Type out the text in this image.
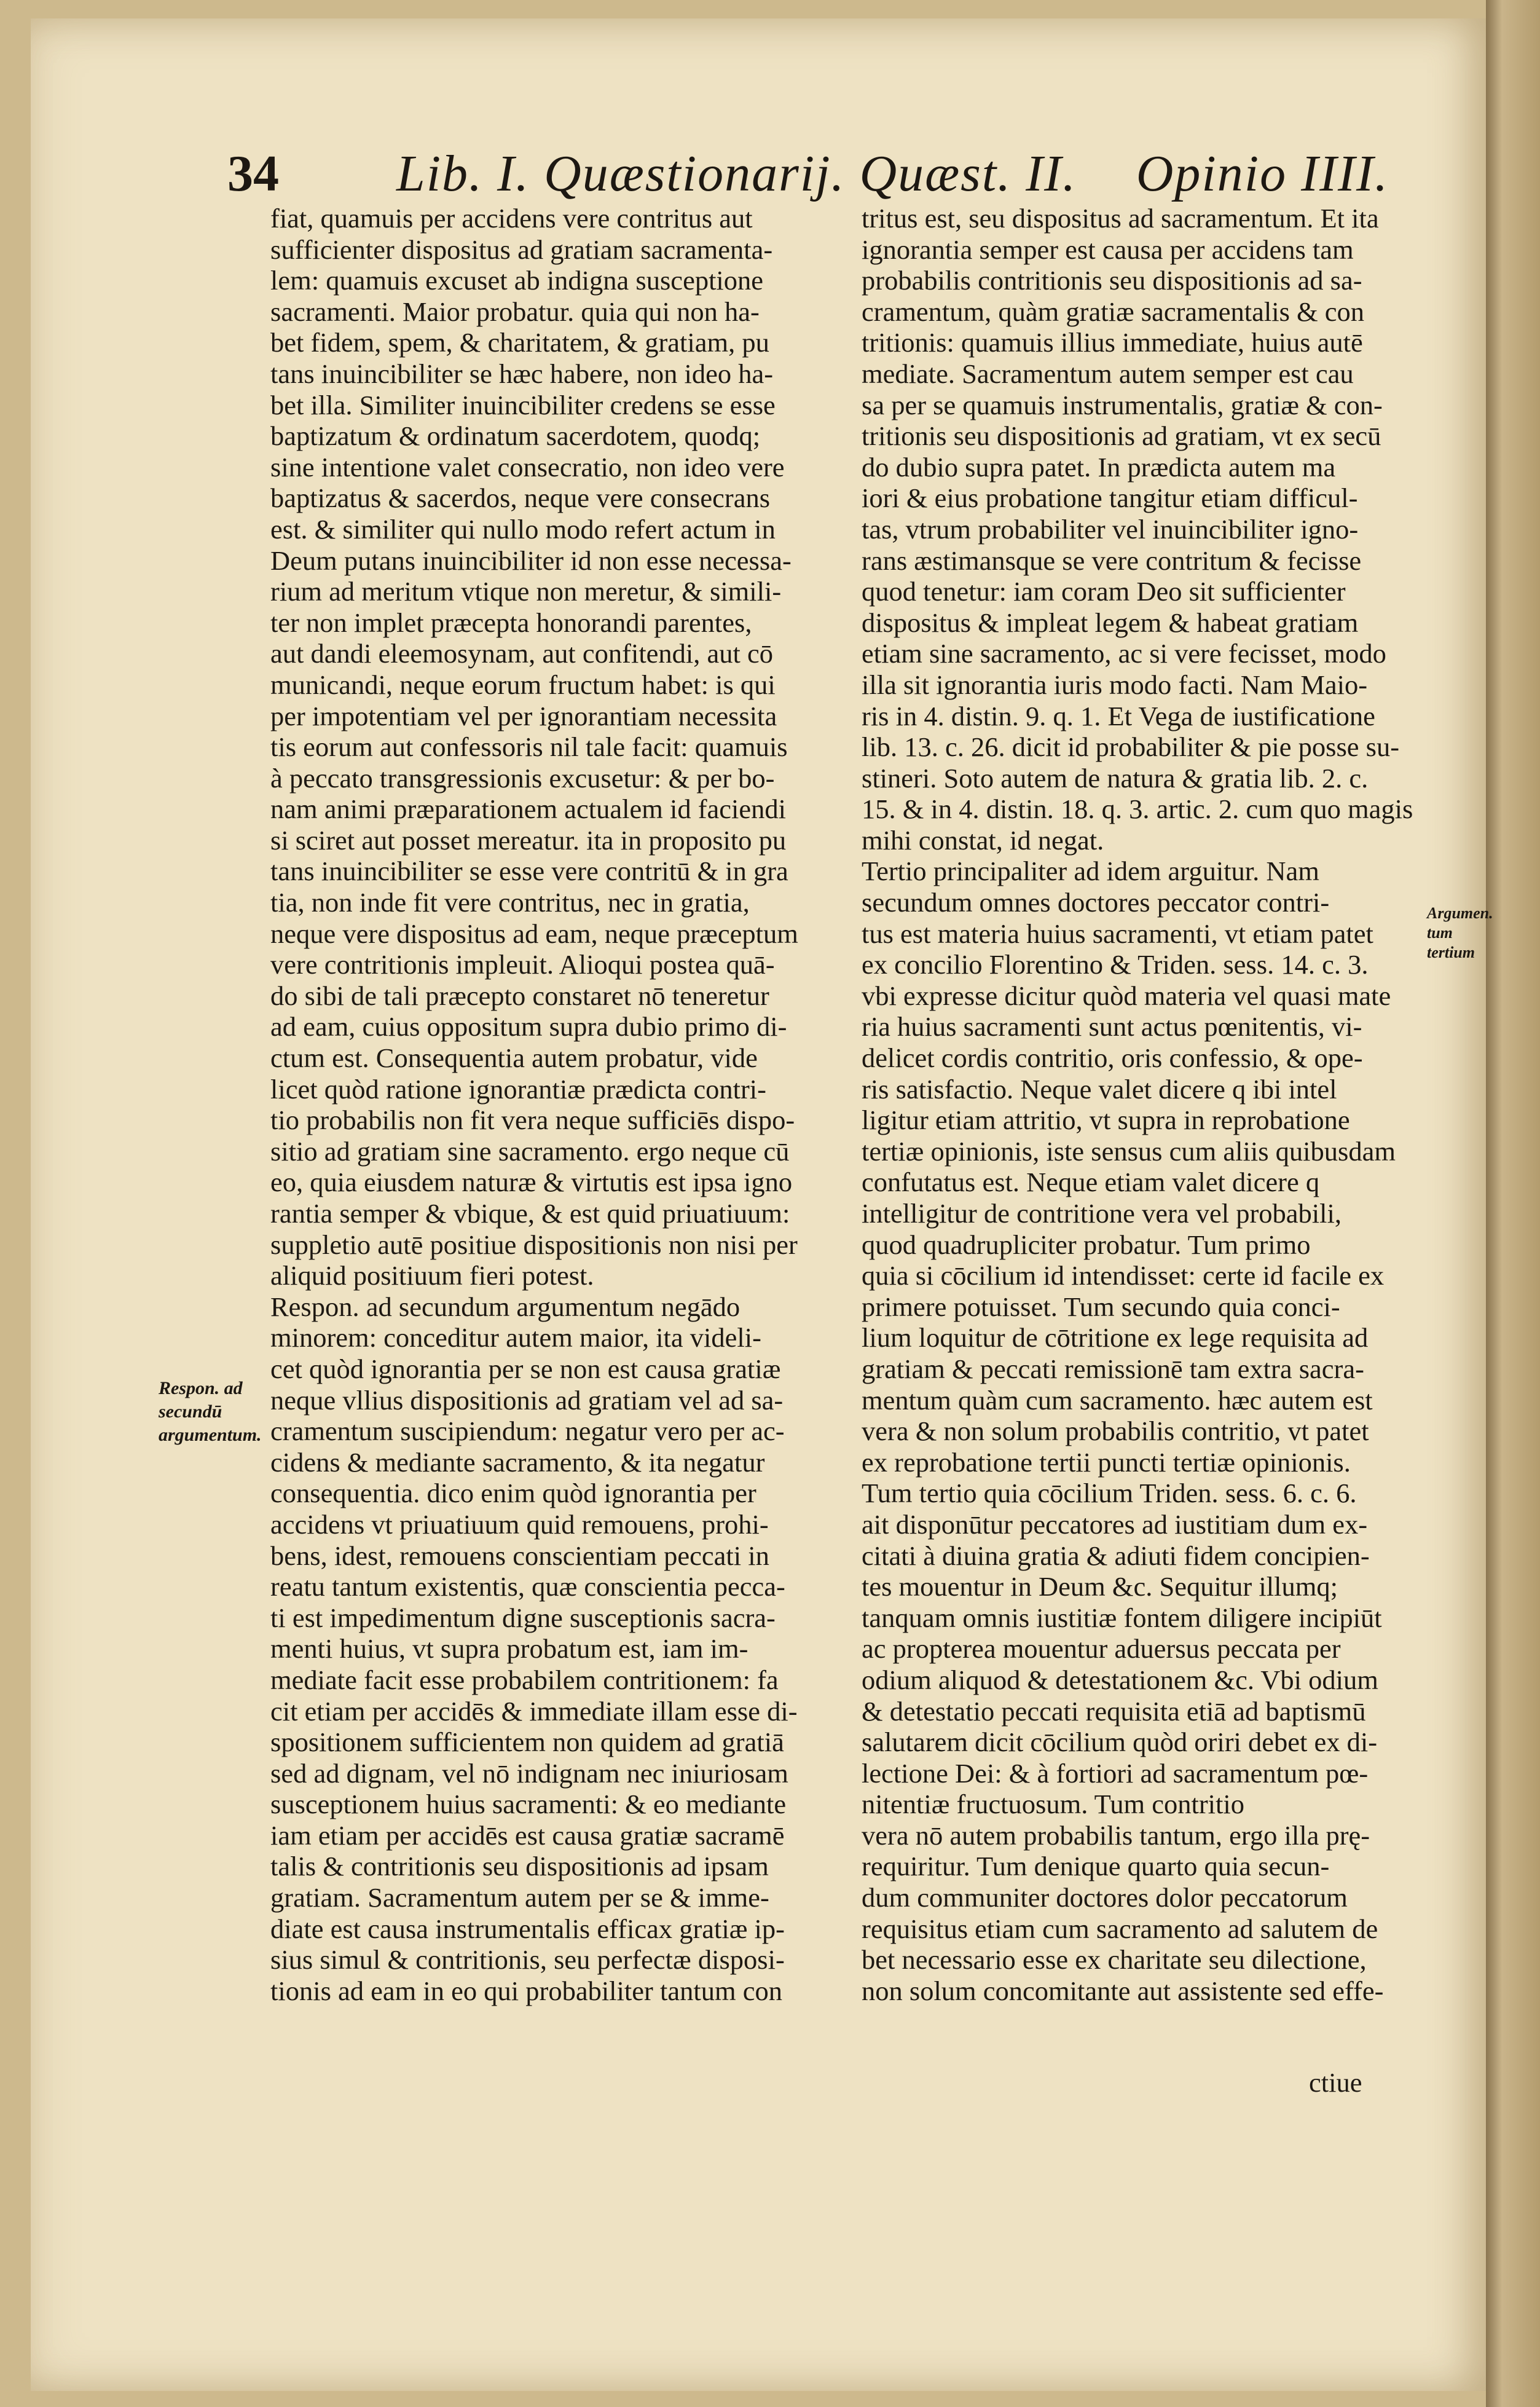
34 Lib. I. Quæstionarij. Quæst. II. Opinio IIII.
fiat, quamuis per accidens vere contritus aut
sufficienter dispositus ad gratiam sacramenta-
lem: quamuis excuset ab indigna susceptione
sacramenti. Maior probatur. quia qui non ha-
bet fidem, spem, & charitatem, & gratiam, pu
tans inuincibiliter se hæc habere, non ideo ha-
bet illa. Similiter inuincibiliter credens se esse
baptizatum & ordinatum sacerdotem, quodq;
sine intentione valet consecratio, non ideo vere
baptizatus & sacerdos, neque vere consecrans
est. & similiter qui nullo modo refert actum in
Deum putans inuincibiliter id non esse necessa-
rium ad meritum vtique non meretur, & simili-
ter non implet præcepta honorandi parentes,
aut dandi eleemosynam, aut confitendi, aut cō
municandi, neque eorum fructum habet: is qui
per impotentiam vel per ignorantiam necessita
tis eorum aut confessoris nil tale facit: quamuis
à peccato transgressionis excusetur: & per bo-
nam animi præparationem actualem id faciendi
si sciret aut posset mereatur. ita in proposito pu
tans inuincibiliter se esse vere contritū & in gra
tia, non inde fit vere contritus, nec in gratia,
neque vere dispositus ad eam, neque præceptum
vere contritionis impleuit. Alioqui postea quā-
do sibi de tali præcepto constaret nō teneretur
ad eam, cuius oppositum supra dubio primo di-
ctum est. Consequentia autem probatur, vide
licet quòd ratione ignorantiæ prædicta contri-
tio probabilis non fit vera neque sufficiēs dispo-
sitio ad gratiam sine sacramento. ergo neque cū
eo, quia eiusdem naturæ & virtutis est ipsa igno
rantia semper & vbique, & est quid priuatiuum:
suppletio autē positiue dispositionis non nisi per
aliquid positiuum fieri potest.
Respon. ad secundum argumentum negādo
minorem: conceditur autem maior, ita videli-
cet quòd ignorantia per se non est causa gratiæ
neque vllius dispositionis ad gratiam vel ad sa-
cramentum suscipiendum: negatur vero per ac-
cidens & mediante sacramento, & ita negatur
consequentia. dico enim quòd ignorantia per
accidens vt priuatiuum quid remouens, prohi-
bens, idest, remouens conscientiam peccati in
reatu tantum existentis, quæ conscientia pecca-
ti est impedimentum digne susceptionis sacra-
menti huius, vt supra probatum est, iam im-
mediate facit esse probabilem contritionem: fa
cit etiam per accidēs & immediate illam esse di-
spositionem sufficientem non quidem ad gratiā
sed ad dignam, vel nō indignam nec iniuriosam
susceptionem huius sacramenti: & eo mediante
iam etiam per accidēs est causa gratiæ sacramē
talis & contritionis seu dispositionis ad ipsam
gratiam. Sacramentum autem per se & imme-
diate est causa instrumentalis efficax gratiæ ip-
sius simul & contritionis, seu perfectæ disposi-
tionis ad eam in eo qui probabiliter tantum con
tritus est, seu dispositus ad sacramentum. Et ita
ignorantia semper est causa per accidens tam
probabilis contritionis seu dispositionis ad sa-
cramentum, quàm gratiæ sacramentalis & con
tritionis: quamuis illius immediate, huius autē
mediate. Sacramentum autem semper est cau
sa per se quamuis instrumentalis, gratiæ & con-
tritionis seu dispositionis ad gratiam, vt ex secū
do dubio supra patet. In prædicta autem ma
iori & eius probatione tangitur etiam difficul-
tas, vtrum probabiliter vel inuincibiliter igno-
rans æstimansque se vere contritum & fecisse
quod tenetur: iam coram Deo sit sufficienter
dispositus & impleat legem & habeat gratiam
etiam sine sacramento, ac si vere fecisset, modo
illa sit ignorantia iuris modo facti. Nam Maio-
ris in 4. distin. 9. q. 1. Et Vega de iustificatione
lib. 13. c. 26. dicit id probabiliter & pie posse su-
stineri. Soto autem de natura & gratia lib. 2. c.
15. & in 4. distin. 18. q. 3. artic. 2. cum quo magis
mihi constat, id negat.
Tertio principaliter ad idem arguitur. Nam
secundum omnes doctores peccator contri-
tus est materia huius sacramenti, vt etiam patet
ex concilio Florentino & Triden. sess. 14. c. 3.
vbi expresse dicitur quòd materia vel quasi mate
ria huius sacramenti sunt actus pœnitentis, vi-
delicet cordis contritio, oris confessio, & ope-
ris satisfactio. Neque valet dicere q ibi intel
ligitur etiam attritio, vt supra in reprobatione
tertiæ opinionis, iste sensus cum aliis quibusdam
confutatus est. Neque etiam valet dicere q
intelligitur de contritione vera vel probabili,
quod quadrupliciter probatur. Tum primo
quia si cōcilium id intendisset: certe id facile ex
primere potuisset. Tum secundo quia conci-
lium loquitur de cōtritione ex lege requisita ad
gratiam & peccati remissionē tam extra sacra-
mentum quàm cum sacramento. hæc autem est
vera & non solum probabilis contritio, vt patet
ex reprobatione tertii puncti tertiæ opinionis.
Tum tertio quia cōcilium Triden. sess. 6. c. 6.
ait disponūtur peccatores ad iustitiam dum ex-
citati à diuina gratia & adiuti fidem concipien-
tes mouentur in Deum &c. Sequitur illumq;
tanquam omnis iustitiæ fontem diligere incipiūt
ac propterea mouentur aduersus peccata per
odium aliquod & detestationem &c. Vbi odium
& detestatio peccati requisita etiā ad baptismū
salutarem dicit cōcilium quòd oriri debet ex di-
lectione Dei: & à fortiori ad sacramentum pœ-
nitentiæ fructuosum. Tum contritio
vera nō autem probabilis tantum, ergo illa prę-
requiritur. Tum denique quarto quia secun-
dum communiter doctores dolor peccatorum
requisitus etiam cum sacramento ad salutem de
bet necessario esse ex charitate seu dilectione,
non solum concomitante aut assistente sed effe-
Respon. ad secundū argumentum.
Argumen. tum tertium
ctiue
